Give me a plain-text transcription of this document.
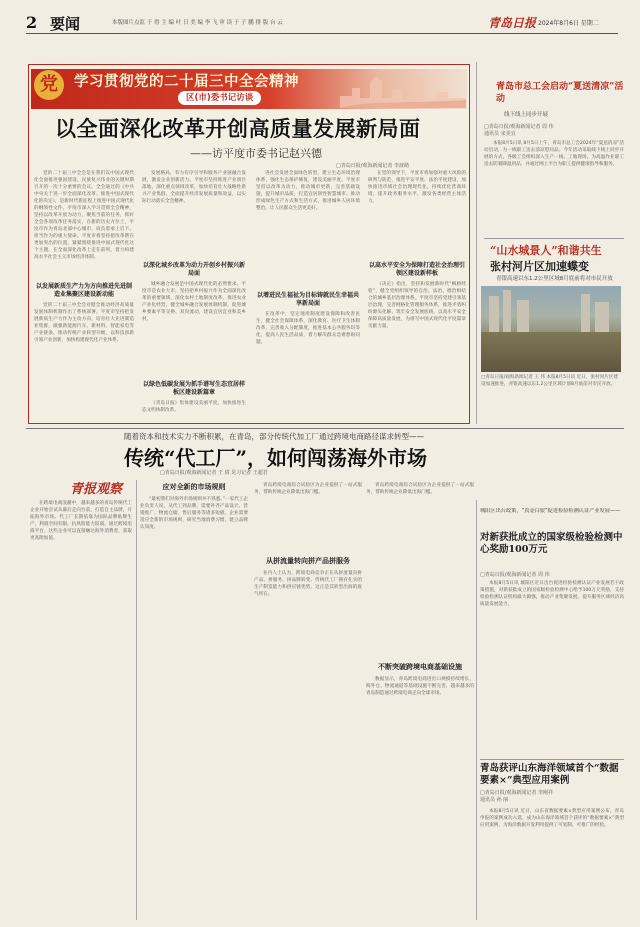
2 要闻	本版图片点监 于 得 主 编 叶 日 美 编 李 飞 审 读 于 子 鹏 排 版 台 云	青岛日报 2024年8月6日 星期二
党	学习贯彻党的二十届三中全会精神
区(市)委书记访谈
以全面深化改革开创高质量发展新局面
——访平度市委书记赵兴德
□青岛日报/观海新闻记者 李波绪
党的二十届三中全会是在我们以中国式现代化全面推进强国建设、民族复兴伟业的关键时期召开的一次十分重要的会议。全会通过的《中共中央关于进一步全面深化改革、推进中国式现代化的决定》，是新时代新征程上推进中国式现代化的纲领性文件。平度市深入学习贯彻全会精神，坚持以改革开放为动力，聚焦当前的任务，抓好全会各项改革任务落实。在新的历史方位上，平度市作为青岛北部中心城市，肩负着承上启下、担当作为的重大使命。平度市将坚持把改革摆在更加突出的位置，紧紧围绕推进中国式现代化这个主题，在全面深化改革上走在前列，着力构建高水平社会主义市场经济体制。
以发展新质生产力为方向推进先进制造业集聚区建设新动能
党的二十届三中全会对健全推动经济高质量发展体制机制作出了系统部署。平度市坚持把发展新质生产力作为主攻方向，培育壮大先进制造业集群，做强新能源汽车、新材料、智能家电等产业链条，推动传统产业转型升级，以科技创新引领产业创新，加快构建现代化产业体系。
发展格局，有力有序引导和服务产业链融合发展，激发企业创新活力。平度市坚持推进产业项目落地，深化重点领域改革，加快培育壮大战略性新兴产业集群，全面提升经济发展质量和效益，以实际行动落实全会精神。
以深化城乡改革为动力开创乡村振兴新局面
城乡融合发展是中国式现代化的必然要求。平度市是农业大市，坚持把乡村振兴作为全面深化改革的重要领域，深化农村土地制度改革，推进农业产业化经营，健全城乡融合发展体制机制，促进城乡要素平等交换、双向流动，建设宜居宜业和美乡村。
以绿色低碳发展为抓手谱写生态宜居样板区建设新篇章
《青岛日报》集体建设美丽平度，加快推进生态文明体制改革。
进社会发展全面绿色转型，建立生态环境治理体系，强化生态保护修复，建设美丽平度。平度市坚持以改革为动力，推动城市更新，完善基础设施，提升城市品质，打造宜居韧性智慧城市。推动形成绿色生产方式和生活方式，推进城乡人居环境整治，让人民群众生活更美好。
以增进民生福祉为目标铸就民生幸福共享新局面
在改革中，坚定地用制度建设保障和改善民生，健全社会保障体系，深化教育、医疗卫生体制改革，完善收入分配制度，推进基本公共服务均等化，提高人民生活品质，着力解决群众急难愁盼问题。
在党的领导下，平度市将加强对重大风险的研判与防范，推进平安平度、法治平度建设，加快推进市域社会治理现代化，持续优化营商环境，提升政务服务水平，激发各类经营主体活力。
以高水平安全为保障打造社会治理引领区建设新样板
《决定》指出，坚持和发展新时代“枫桥经验”，健全党组织领导的自治、法治、德治相结合的城乡基层治理体系。平度市坚持党建引领基层治理，完善网格化管理服务体系，推进矛盾纠纷源头化解，筑牢安全发展底线，以高水平安全保障高质量发展，为谱写中国式现代化平度篇章贡献力量。
青岛市总工会启动“夏送清凉”活动
线下线上同步开展
□青岛日报/观海新闻记者 周 伟
通讯员 宋美宜
本报8月5日讯 8月5日上午，青岛市总工会2024年“夏送清凉”活动启动，为一线职工送去清凉慰问品。今年活动采取线下线上同步开展的方式，各级工会组织深入生产一线、工地现场，为高温作业职工送去防暑降温用品，并通过网上平台为职工提供健康指导和服务。
“山水城景人”和谐共生
张村河片区加速蝶变
青银高速以东1.2公里区域8月底前将对市民开放
□青岛日报/观海新闻记者 王 伟 本报8月5日讯 近日，张村河片区建设加速推进，青银高速以东1.2公里区域计划8月底前对市民开放。
随着资本和技术实力不断积累，在青岛，部分传统代加工厂通过跨境电商路径谋求转型——
传统“代工厂”，如何闯荡海外市场
□青岛日报/观海新闻记者 王 倩 见习记者 王超君
青报观察
在跨境电商浪潮中，越来越多的青岛传统代工企业开始尝试从幕后走向台前，打造自主品牌，开拓海外市场。代工厂长期依靠为国际品牌贴牌生产，利润空间有限，抗风险能力较弱。通过跨境电商平台，这些企业可以直接触达海外消费者，获取更高附加值。
应对全新的市场规则
“最初我们对海外市场规则并不熟悉。”一家代工企业负责人说，从代工到品牌，需要补齐产品设计、营销推广、物流仓储、售后服务等诸多短板。企业需要适应全新的市场规则，研究当地消费习惯，建立品牌认知度。
青岛跨境电商综合试验区为企业提供了一站式服务，帮助传统企业降低出海门槛。
从拼流量转向拼产品拼服务
业内人士认为，跨境电商竞争正在从拼流量向拼产品、拼服务、拼品牌转变。传统代工厂拥有扎实的生产制造能力和供应链优势，这正是其转型出海的底气所在。
不断突破跨境电商基础设施
青岛跨境电商综合试验区为企业提供了一站式服务，帮助传统企业降低出海门槛。
数据显示，青岛跨境电商进出口规模持续增长，海外仓、物流通道等基础设施不断完善，越来越多的青岛制造通过跨境电商走向全球市场。
城阳区出台政策，“真金白银”促进检验检测认证产业发展——
对新获批成立的国家级检验检测中心奖励100万元
□青岛日报/观海新闻记者 周 伟
本报8月5日讯 城阳区近日出台促进检验检测认证产业发展若干政策措施，对新获批成立的国家级检验检测中心给予100万元奖励，支持检验检测认证机构做大做强，推动产业集聚发展，提升服务区域经济高质量发展能力。
青岛获评山东海洋领域首个“数据要素×”典型应用案例
□青岛日报/观海新闻记者 李刚祥
通讯员 孙 丽
本报8月5日讯 近日，山东省数据要素×典型应用案例公布，青岛申报的案例成功入选，成为山东海洋领域首个获评的“数据要素×”典型应用案例，为海洋数据开发利用提供了可复制、可推广的经验。
